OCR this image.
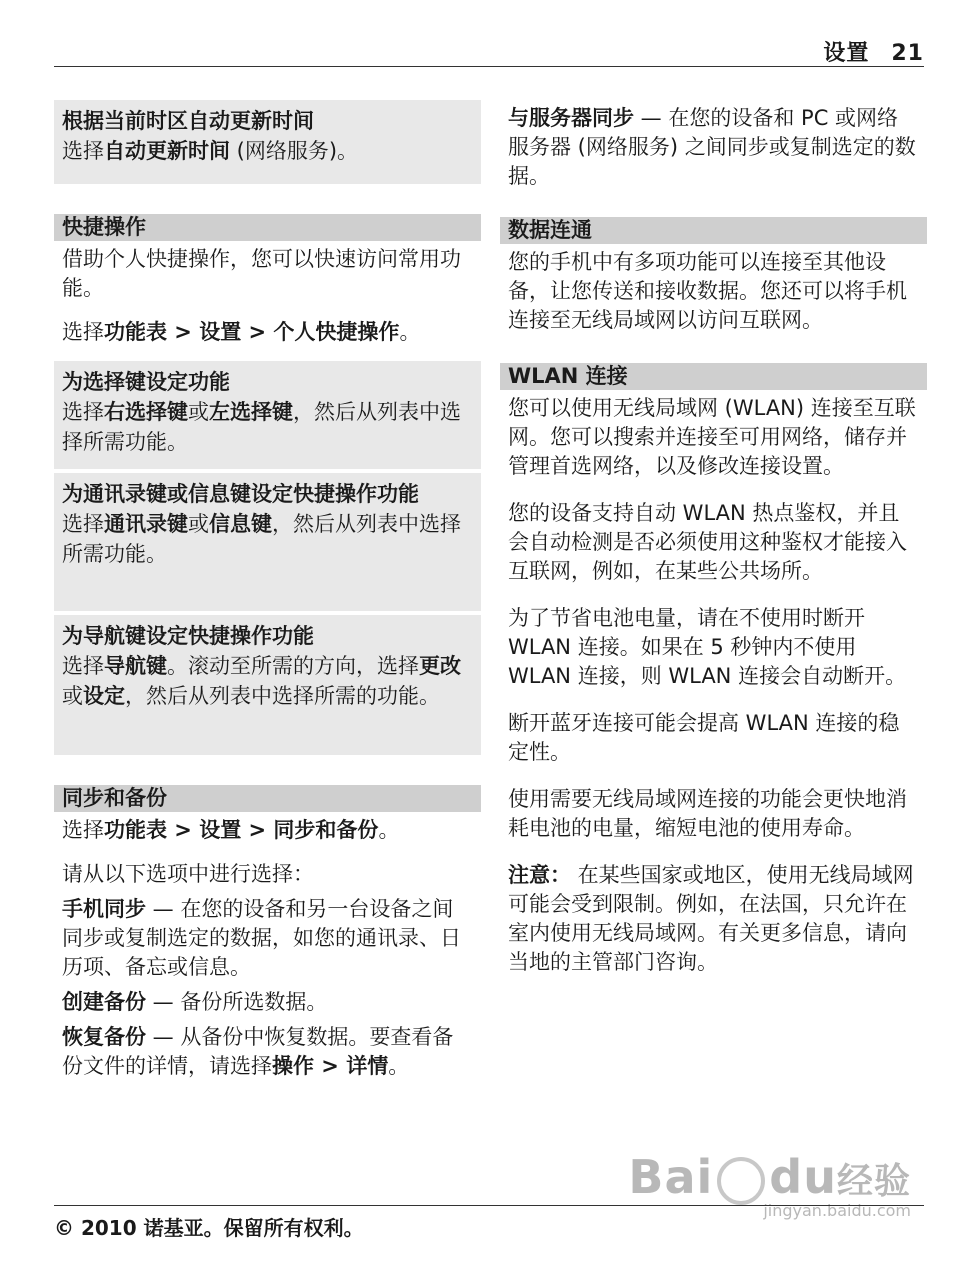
设置 21
根据当前时区自动更新时间

选择自动更新时间 (网络服务)。

快捷操作

借助个人快捷操作，您可以快速访问常用功能。

选择功能表 > 设置 > 个人快捷操作。

为选择键设定功能

选择右选择键或左选择键，然后从列表中选择所需功能。

为通讯录键或信息键设定快捷操作功能

选择通讯录键或信息键，然后从列表中选择所需功能。

为导航键设定快捷操作功能

选择导航键。滚动至所需的方向，选择更改或设定，然后从列表中选择所需的功能。

同步和备份

选择功能表 > 设置 > 同步和备份。

请从以下选项中进行选择：

手机同步 — 在您的设备和另一台设备之间同步或复制选定的数据，如您的通讯录、日历项、备忘或信息。

创建备份 — 备份所选数据。

恢复备份 — 从备份中恢复数据。要查看备份文件的详情，请选择操作 > 详情。

与服务器同步 — 在您的设备和 PC 或网络服务器 (网络服务) 之间同步或复制选定的数据。

数据连通

您的手机中有多项功能可以连接至其他设备，让您传送和接收数据。您还可以将手机连接至无线局域网以访问互联网。

WLAN 连接

您可以使用无线局域网 (WLAN) 连接至互联网。您可以搜索并连接至可用网络，储存并管理首选网络，以及修改连接设置。

您的设备支持自动 WLAN 热点鉴权，并且会自动检测是否必须使用这种鉴权才能接入互联网，例如，在某些公共场所。

为了节省电池电量，请在不使用时断开 WLAN 连接。如果在 5 秒钟内不使用 WLAN 连接，则 WLAN 连接会自动断开。

断开蓝牙连接可能会提高 WLAN 连接的稳定性。

使用需要无线局域网连接的功能会更快地消耗电池的电量，缩短电池的使用寿命。

注意： 在某些国家或地区，使用无线局域网可能会受到限制。例如，在法国，只允许在室内使用无线局域网。有关更多信息，请向当地的主管部门咨询。

Bai du经验
jingyan.baidu.com
© 2010 诺基亚。保留所有权利。
